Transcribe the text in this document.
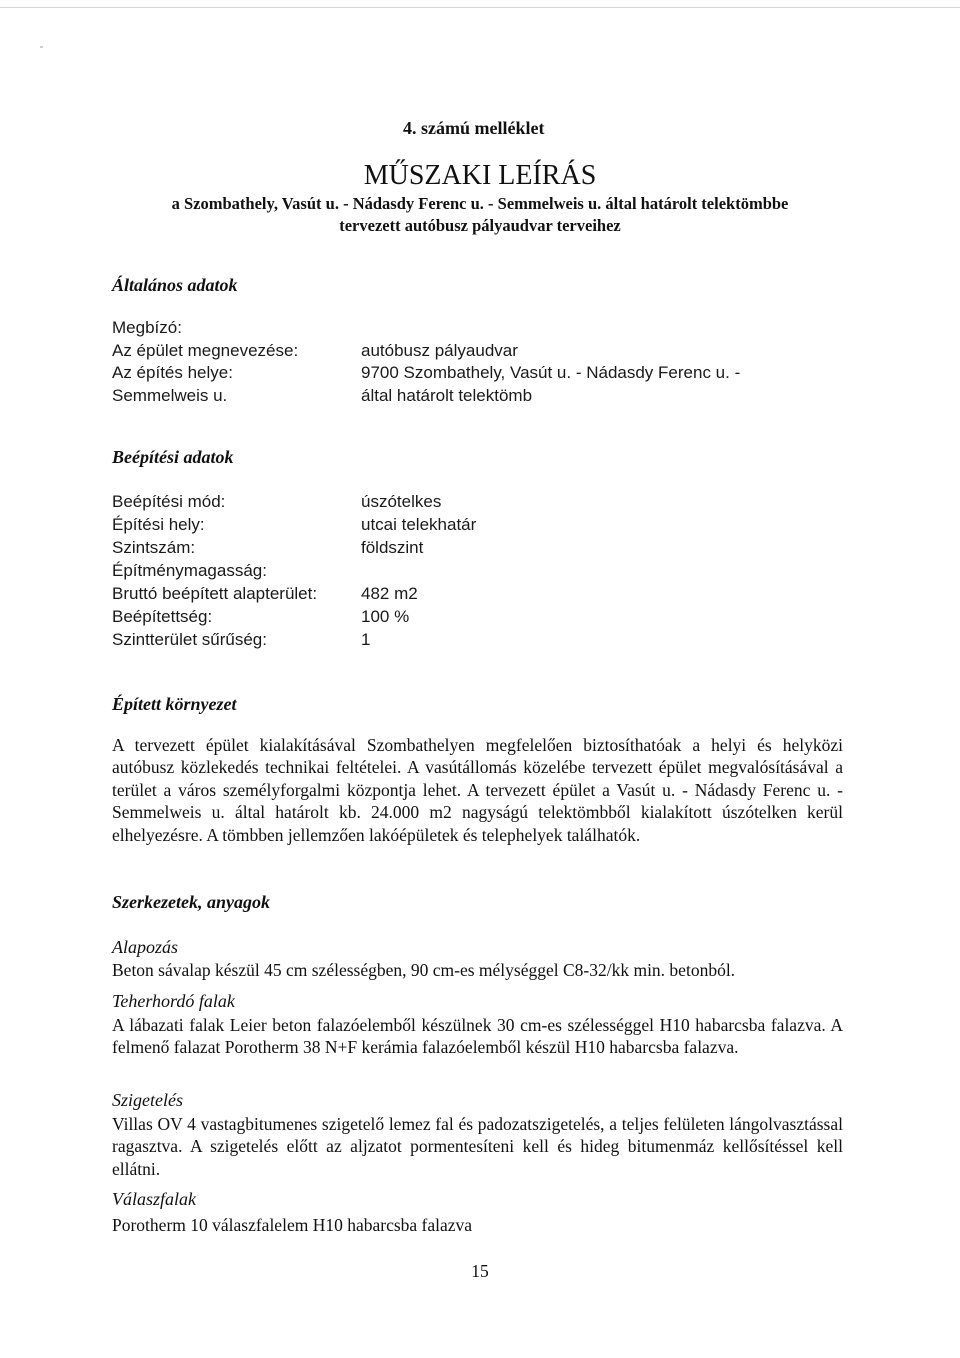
4. számú melléklet
MŰSZAKI LEÍRÁS
a Szombathely, Vasút u. - Nádasdy Ferenc u. - Semmelweis u. által határolt telektömbbe
tervezett autóbusz pályaudvar terveihez
Általános adatok
Megbízó:
Az épület megnevezése:
Az építés helye:
Semmelweis u.
autóbusz pályaudvar
9700 Szombathely, Vasút u. - Nádasdy Ferenc u. -
által határolt telektömb
Beépítési adatok
Beépítési mód:
Építési hely:
Szintszám:
Építménymagasság:
Bruttó beépített alapterület:
Beépítettség:
Szintterület sűrűség:
úszótelkes
utcai telekhatár
földszint
482 m2
100 %
1
Épített környezet
A tervezett épület kialakításával Szombathelyen megfelelően biztosíthatóak a helyi és helyközi autóbusz közlekedés technikai feltételei. A vasútállomás közelébe tervezett épület megvalósításával a terület a város személyforgalmi központja lehet. A tervezett épület a Vasút u. - Nádasdy Ferenc u. - Semmelweis u. által határolt kb. 24.000 m2 nagyságú telektömbből kialakított úszótelken kerül elhelyezésre. A tömbben jellemzően lakóépületek és telephelyek találhatók.
Szerkezetek, anyagok
Alapozás
Beton sávalap készül 45 cm szélességben, 90 cm-es mélységgel C8-32/kk min. betonból.
Teherhordó falak
A lábazati falak Leier beton falazóelemből készülnek 30 cm-es szélességgel H10 habarcsba falazva. A felmenő falazat Porotherm 38 N+F kerámia falazóelemből készül H10 habarcsba falazva.
Szigetelés
Villas OV 4 vastagbitumenes szigetelő lemez fal és padozatszigetelés, a teljes felületen lángolvasztással ragasztva. A szigetelés előtt az aljzatot pormentesíteni kell és hideg bitumenmáz kellősítéssel kell ellátni.
Válaszfalak
Porotherm 10 válaszfalelem H10 habarcsba falazva
15
